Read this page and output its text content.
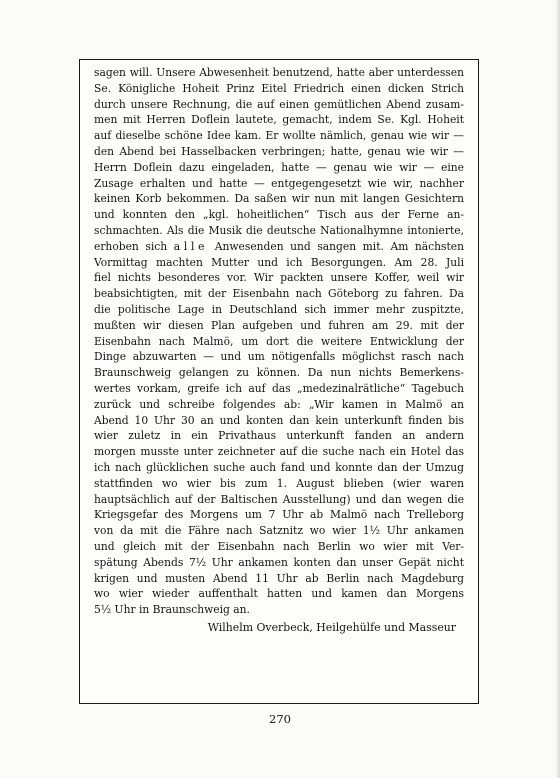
sagen will. Unsere Abwesenheit benutzend, hatte aber unterdessen
Se. Königliche Hoheit Prinz Eitel Friedrich einen dicken Strich
durch unsere Rechnung, die auf einen gemütlichen Abend zusam-
men mit Herren Doflein lautete, gemacht, indem Se. Kgl. Hoheit
auf dieselbe schöne Idee kam. Er wollte nämlich, genau wie wir —
den Abend bei Hasselbacken verbringen; hatte, genau wie wir —
Herrn Doflein dazu eingeladen, hatte — genau wie wir — eine
Zusage erhalten und hatte — entgegengesetzt wie wir, nachher
keinen Korb bekommen. Da saßen wir nun mit langen Gesichtern
und konnten den „kgl. hoheitlichen“ Tisch aus der Ferne an-
schmachten. Als die Musik die deutsche Nationalhymne intonierte,
erhoben sich alle Anwesenden und sangen mit. Am nächsten
Vormittag machten Mutter und ich Besorgungen. Am 28. Juli
fiel nichts besonderes vor. Wir packten unsere Koffer, weil wir
beabsichtigten, mit der Eisenbahn nach Göteborg zu fahren. Da
die politische Lage in Deutschland sich immer mehr zuspitzte,
mußten wir diesen Plan aufgeben und fuhren am 29. mit der
Eisenbahn nach Malmö, um dort die weitere Entwicklung der
Dinge abzuwarten — und um nötigenfalls möglichst rasch nach
Braunschweig gelangen zu können. Da nun nichts Bemerkens-
wertes vorkam, greife ich auf das „medezinalrätliche“ Tagebuch
zurück und schreibe folgendes ab: „Wir kamen in Malmö an
Abend 10 Uhr 30 an und konten dan kein unterkunft finden bis
wier zuletz in ein Privathaus unterkunft fanden an andern
morgen musste unter zeichneter auf die suche nach ein Hotel das
ich nach glücklichen suche auch fand und konnte dan der Umzug
stattfinden wo wier bis zum 1. August blieben (wier waren
hauptsächlich auf der Baltischen Ausstellung) und dan wegen die
Kriegsgefar des Morgens um 7 Uhr ab Malmö nach Trelleborg
von da mit die Fähre nach Satznitz wo wier 1½ Uhr ankamen
und gleich mit der Eisenbahn nach Berlin wo wier mit Ver-
spätung Abends 7½ Uhr ankamen konten dan unser Gepät nicht
krigen und musten Abend 11 Uhr ab Berlin nach Magdeburg
wo wier wieder auffenthalt hatten und kamen dan Morgens
5½ Uhr in Braunschweig an.
Wilhelm Overbeck, Heilgehülfe und Masseur
270
